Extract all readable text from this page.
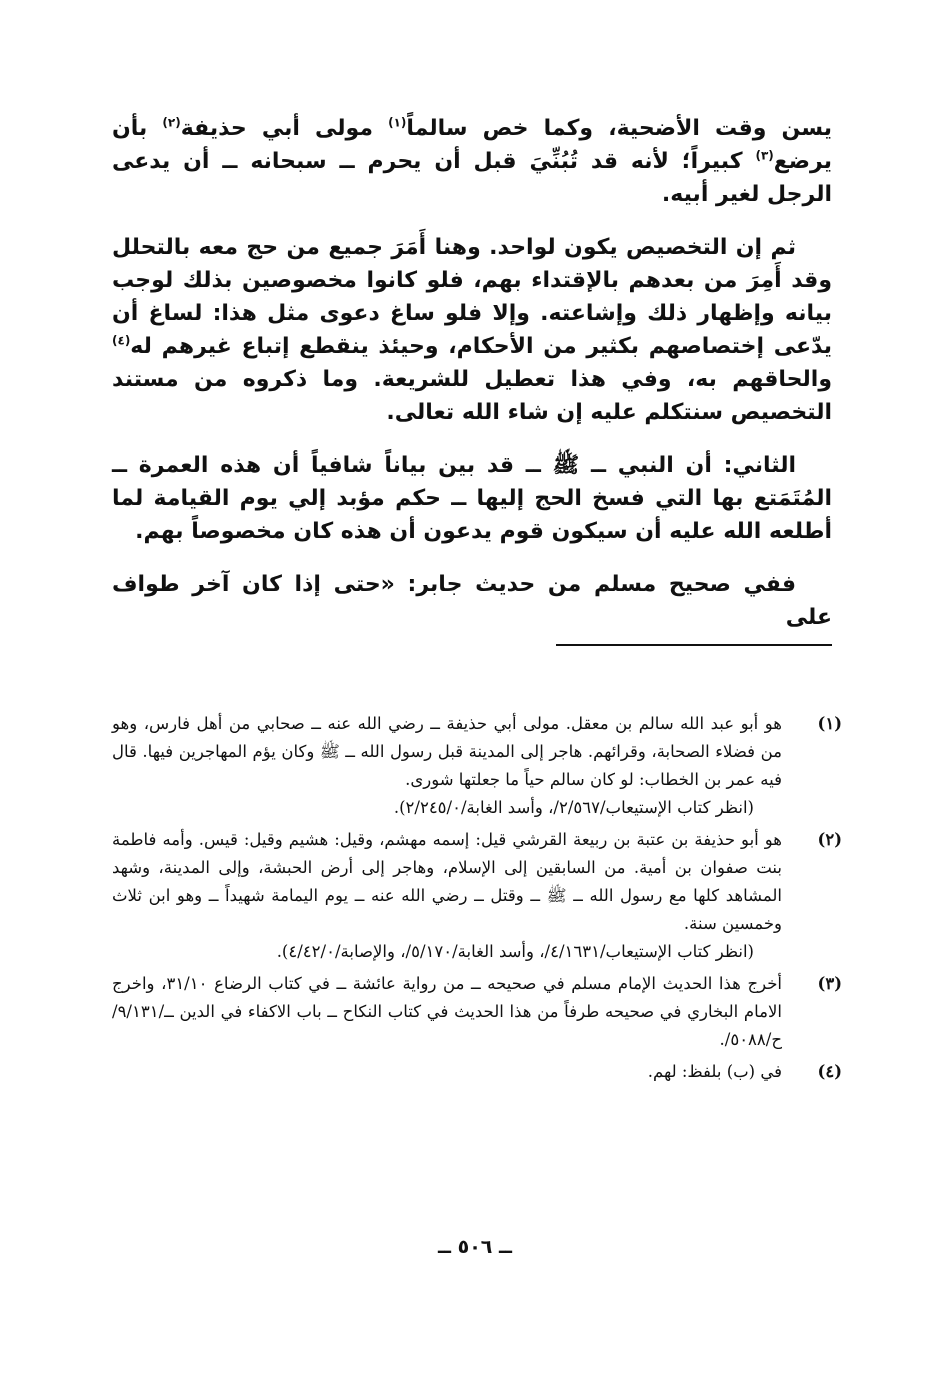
يسن وقت الأضحية، وكما خص سالماً$^{(١)}$ مولى أبي حذيفة$^{(٢)}$ بأن يرضع$^{(٣)}$ كبيراً؛ لأنه قد تُبُنِّيَ قبل أن يحرم ــ سبحانه ــ أن يدعى الرجل لغير أبيه.

ثم إن التخصيص يكون لواحد. وهنا أَمَرَ جميع من حج معه بالتحلل وقد أَمِرَ من بعدهم بالإقتداء بهم، فلو كانوا مخصوصين بذلك لوجب بيانه وإظهار ذلك وإشاعته. وإلا فلو ساغ دعوى مثل هذا: لساغ أن يدّعى إختصاصهم بكثير من الأحكام، وحيئذ ينقطع إتباع غيرهم له$^{(٤)}$ والحاقهم به، وفي هذا تعطيل للشريعة. وما ذكروه من مستند التخصيص سنتكلم عليه إن شاء الله تعالى.

الثاني: أن النبي ــ ﷺ ــ قد بين بياناً شافياً أن هذه العمرة ــ المُتَمَتع بها التي فسخ الحج إليها ــ حكم مؤبد إلي يوم القيامة لما أطلعه الله عليه أن سيكون قوم يدعون أن هذه كان مخصوصاً بهم.

ففي صحيح مسلم من حديث جابر: «حتى إذا كان آخر طواف على

(١)
هو أبو عبد الله سالم بن معقل. مولى أبي حذيفة ــ رضي الله عنه ــ صحابي من أهل فارس، وهو من فضلاء الصحابة، وقرائهم. هاجر إلى المدينة قبل رسول الله ــ ﷺ وكان يؤم المهاجرين فيها. قال فيه عمر بن الخطاب: لو كان سالم حياً ما جعلتها شورى.
(انظر كتاب الإستيعاب/٢/٥٦٧/، وأسد الغابة/٢/٢٤٥/٠).
(٢)
هو أبو حذيفة بن عتبة بن ربيعة القرشي قيل: إسمه مهشم، وقيل: هشيم وقيل: قيس. وأمه فاطمة بنت صفوان بن أمية. من السابقين إلى الإسلام، وهاجر إلى أرض الحبشة، وإلى المدينة، وشهد المشاهد كلها مع رسول الله ــ ﷺ ــ وقتل ــ رضي الله عنه ــ يوم اليمامة شهيداً ــ وهو ابن ثلاث وخمسين سنة.
(انظر كتاب الإستيعاب/٤/١٦٣١/، وأسد الغابة/٥/١٧٠/، والإصابة/٤/٤٢/٠).
(٣)
أخرج هذا الحديث الإمام مسلم في صحيحه ــ من رواية عائشة ــ في كتاب الرضاع ٣١/١٠، واخرج الامام البخاري في صحيحه طرفاً من هذا الحديث في كتاب النكاح ــ باب الاكفاء في الدين ــ/٩/١٣١/ح/٥٠٨٨/.
(٤)
في (ب) بلفظ: لهم.
ــ ٥٠٦ ــ
